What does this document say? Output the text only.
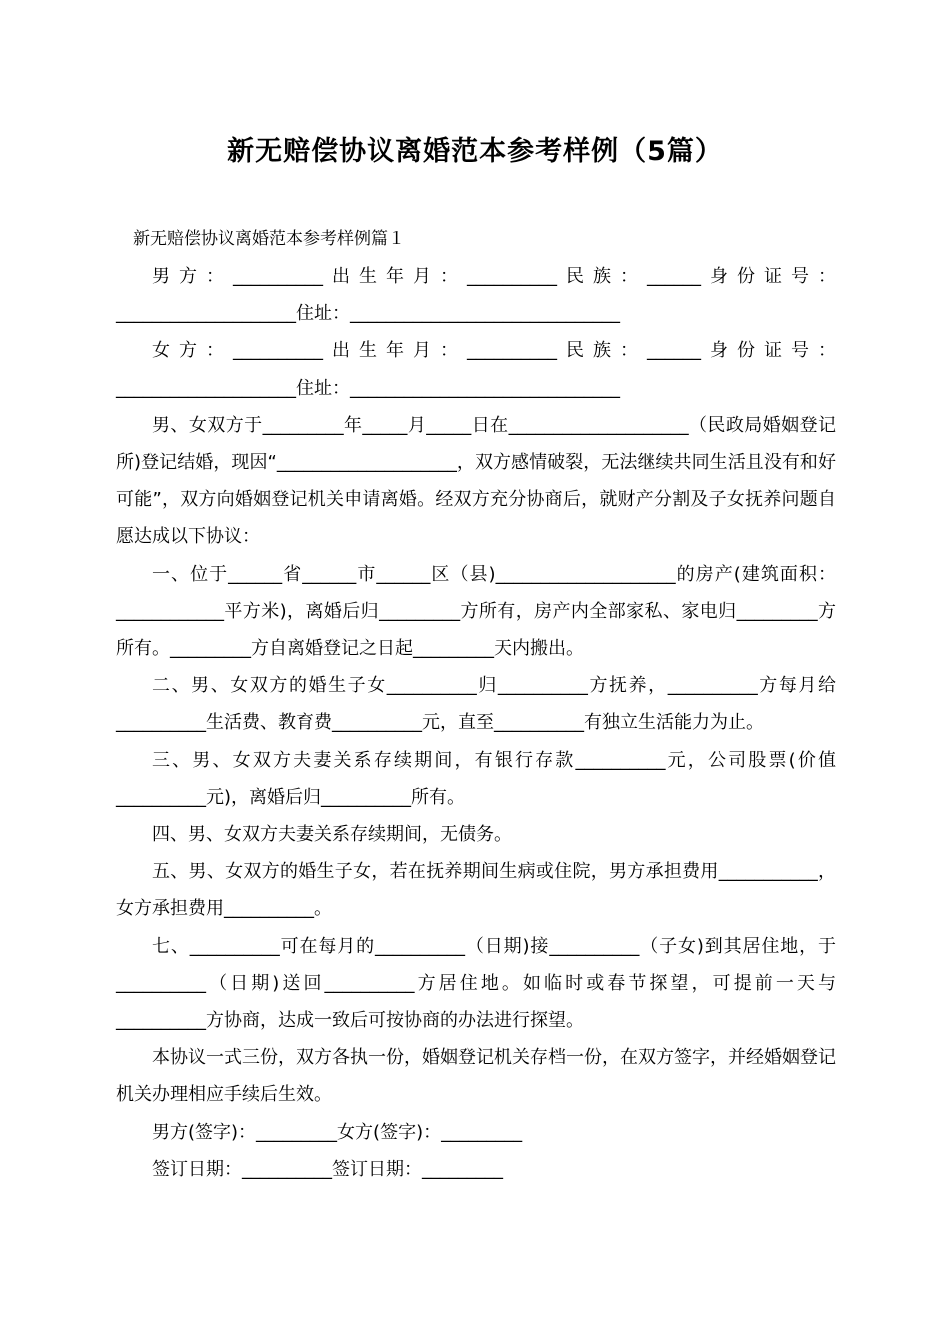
新无赔偿协议离婚范本参考样例（5篇）
新无赔偿协议离婚范本参考样例篇１

男方：__________出生年月：__________民族：______身份证号：____________________住址：______________________________

女方：__________出生年月：__________民族：______身份证号：____________________住址：______________________________

男、女双方于_________年_____月_____日在____________________（民政局婚姻登记所)登记结婚，现因“____________________，双方感情破裂，无法继续共同生活且没有和好可能”，双方向婚姻登记机关申请离婚。经双方充分协商后，就财产分割及子女抚养问题自愿达成以下协议：

一、位于______省______市______区（县)____________________的房产(建筑面积：____________平方米)，离婚后归_________方所有，房产内全部家私、家电归_________方所有。_________方自离婚登记之日起_________天内搬出。

二、男、女双方的婚生子女__________归__________方抚养，__________方每月给__________生活费、教育费__________元，直至__________有独立生活能力为止。

三、男、女双方夫妻关系存续期间，有银行存款__________元，公司股票(价值__________元)，离婚后归__________所有。

四、男、女双方夫妻关系存续期间，无债务。

五、男、女双方的婚生子女，若在抚养期间生病或住院，男方承担费用___________，女方承担费用__________。

七、__________可在每月的__________（日期)接__________（子女)到其居住地，于__________（日期)送回__________方居住地。如临时或春节探望，可提前一天与__________方协商，达成一致后可按协商的办法进行探望。

本协议一式三份，双方各执一份，婚姻登记机关存档一份，在双方签字，并经婚姻登记机关办理相应手续后生效。

男方(签字)：_________女方(签字)：_________

签订日期：__________签订日期：_________
